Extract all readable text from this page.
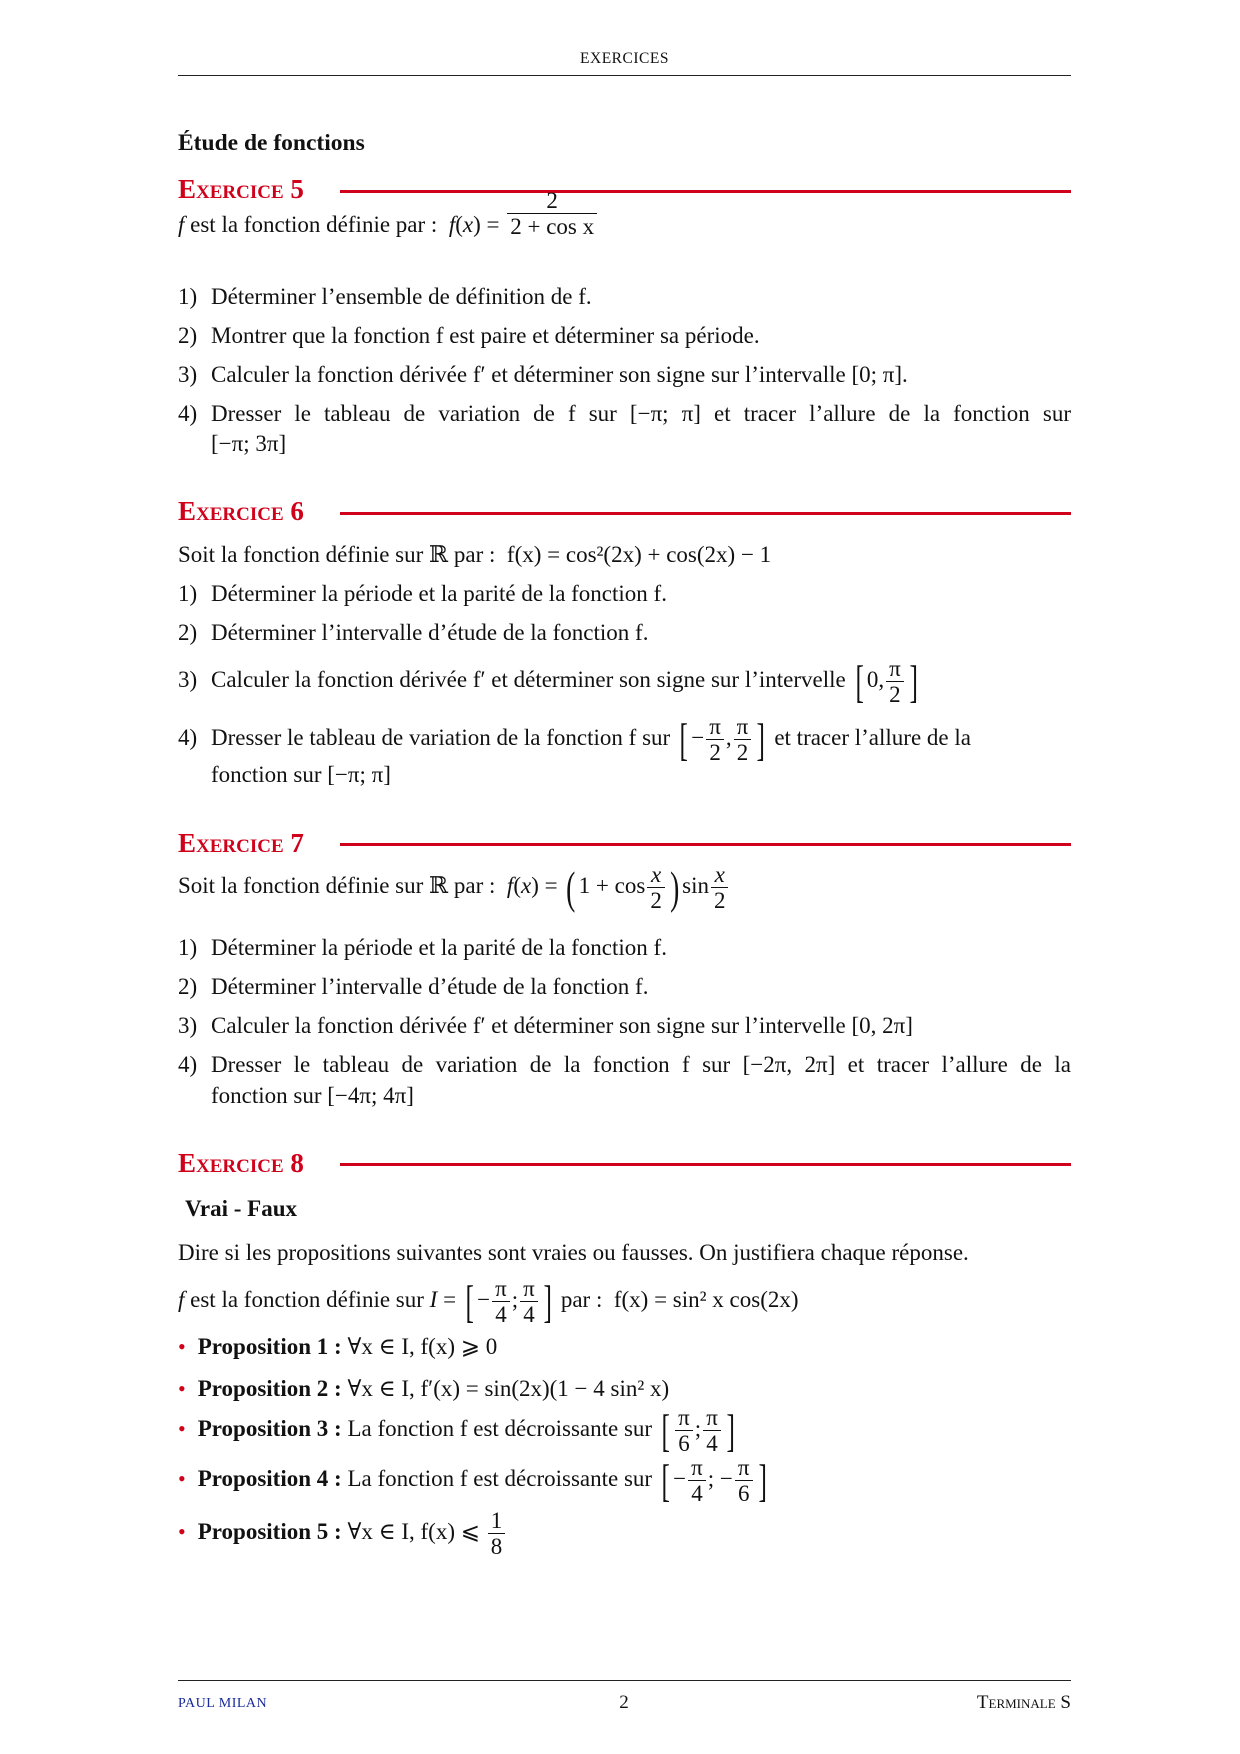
EXERCICES
Étude de fonctions
Exercice 5
f est la fonction définie par : $f(x) = \frac{2}{\text{2 + cos x}}$
1) Déterminer l’ensemble de définition de f.
2) Montrer que la fonction f est paire et déterminer sa période.
3) Calculer la fonction dérivée f′ et déterminer son signe sur l’intervalle [0; π].
4) Dresser le tableau de variation de f sur [−π; π] et tracer l’allure de la fonction sur
[−π; 3π]
Exercice 6
Soit la fonction définie sur ℝ par : f(x) = cos²(2x) + cos(2x) − 1
1) Déterminer la période et la parité de la fonction f.
2) Déterminer l’intervalle d’étude de la fonction f.
3) Calculer la fonction dérivée f′ et déterminer son signe sur l’intervelle [ 0, $\frac{\pi}{2}$ ]
4) Dresser le tableau de variation de la fonction f sur [ − $\frac{\pi}{2}$ , $\frac{\pi}{2}$ ] et tracer l’allure de la
fonction sur [−π; π]
Exercice 7
Soit la fonction définie sur ℝ par : f(x) = ( $1 + \cos \frac{x}{2}$ ) $\sin \frac{x}{2}$
1) Déterminer la période et la parité de la fonction f.
2) Déterminer l’intervalle d’étude de la fonction f.
3) Calculer la fonction dérivée f′ et déterminer son signe sur l’intervelle [0, 2π]
4) Dresser le tableau de variation de la fonction f sur [−2π, 2π] et tracer l’allure de la
fonction sur [−4π; 4π]
Exercice 8
Vrai - Faux
Dire si les propositions suivantes sont vraies ou fausses. On justifiera chaque réponse.
f est la fonction définie sur I = [ − $\frac{\pi}{4}$ ; $\frac{\pi}{4}$ ] par : f(x) = sin² x cos(2x)
• Proposition 1 : ∀x ∈ I, f(x) ⩾ 0
• Proposition 2 : ∀x ∈ I, f′(x) = sin(2x)(1 − 4 sin² x)
• Proposition 3 : La fonction f est décroissante sur [ $\frac{\pi}{6}$ ; $\frac{\pi}{4}$ ]
• Proposition 4 : La fonction f est décroissante sur [ − $\frac{\pi}{4}$ ; − $\frac{\pi}{6}$ ]
• Proposition 5 : ∀x ∈ I, f(x) ⩽ $\frac{1}{8}$
PAUL MILAN	2	Terminale S
